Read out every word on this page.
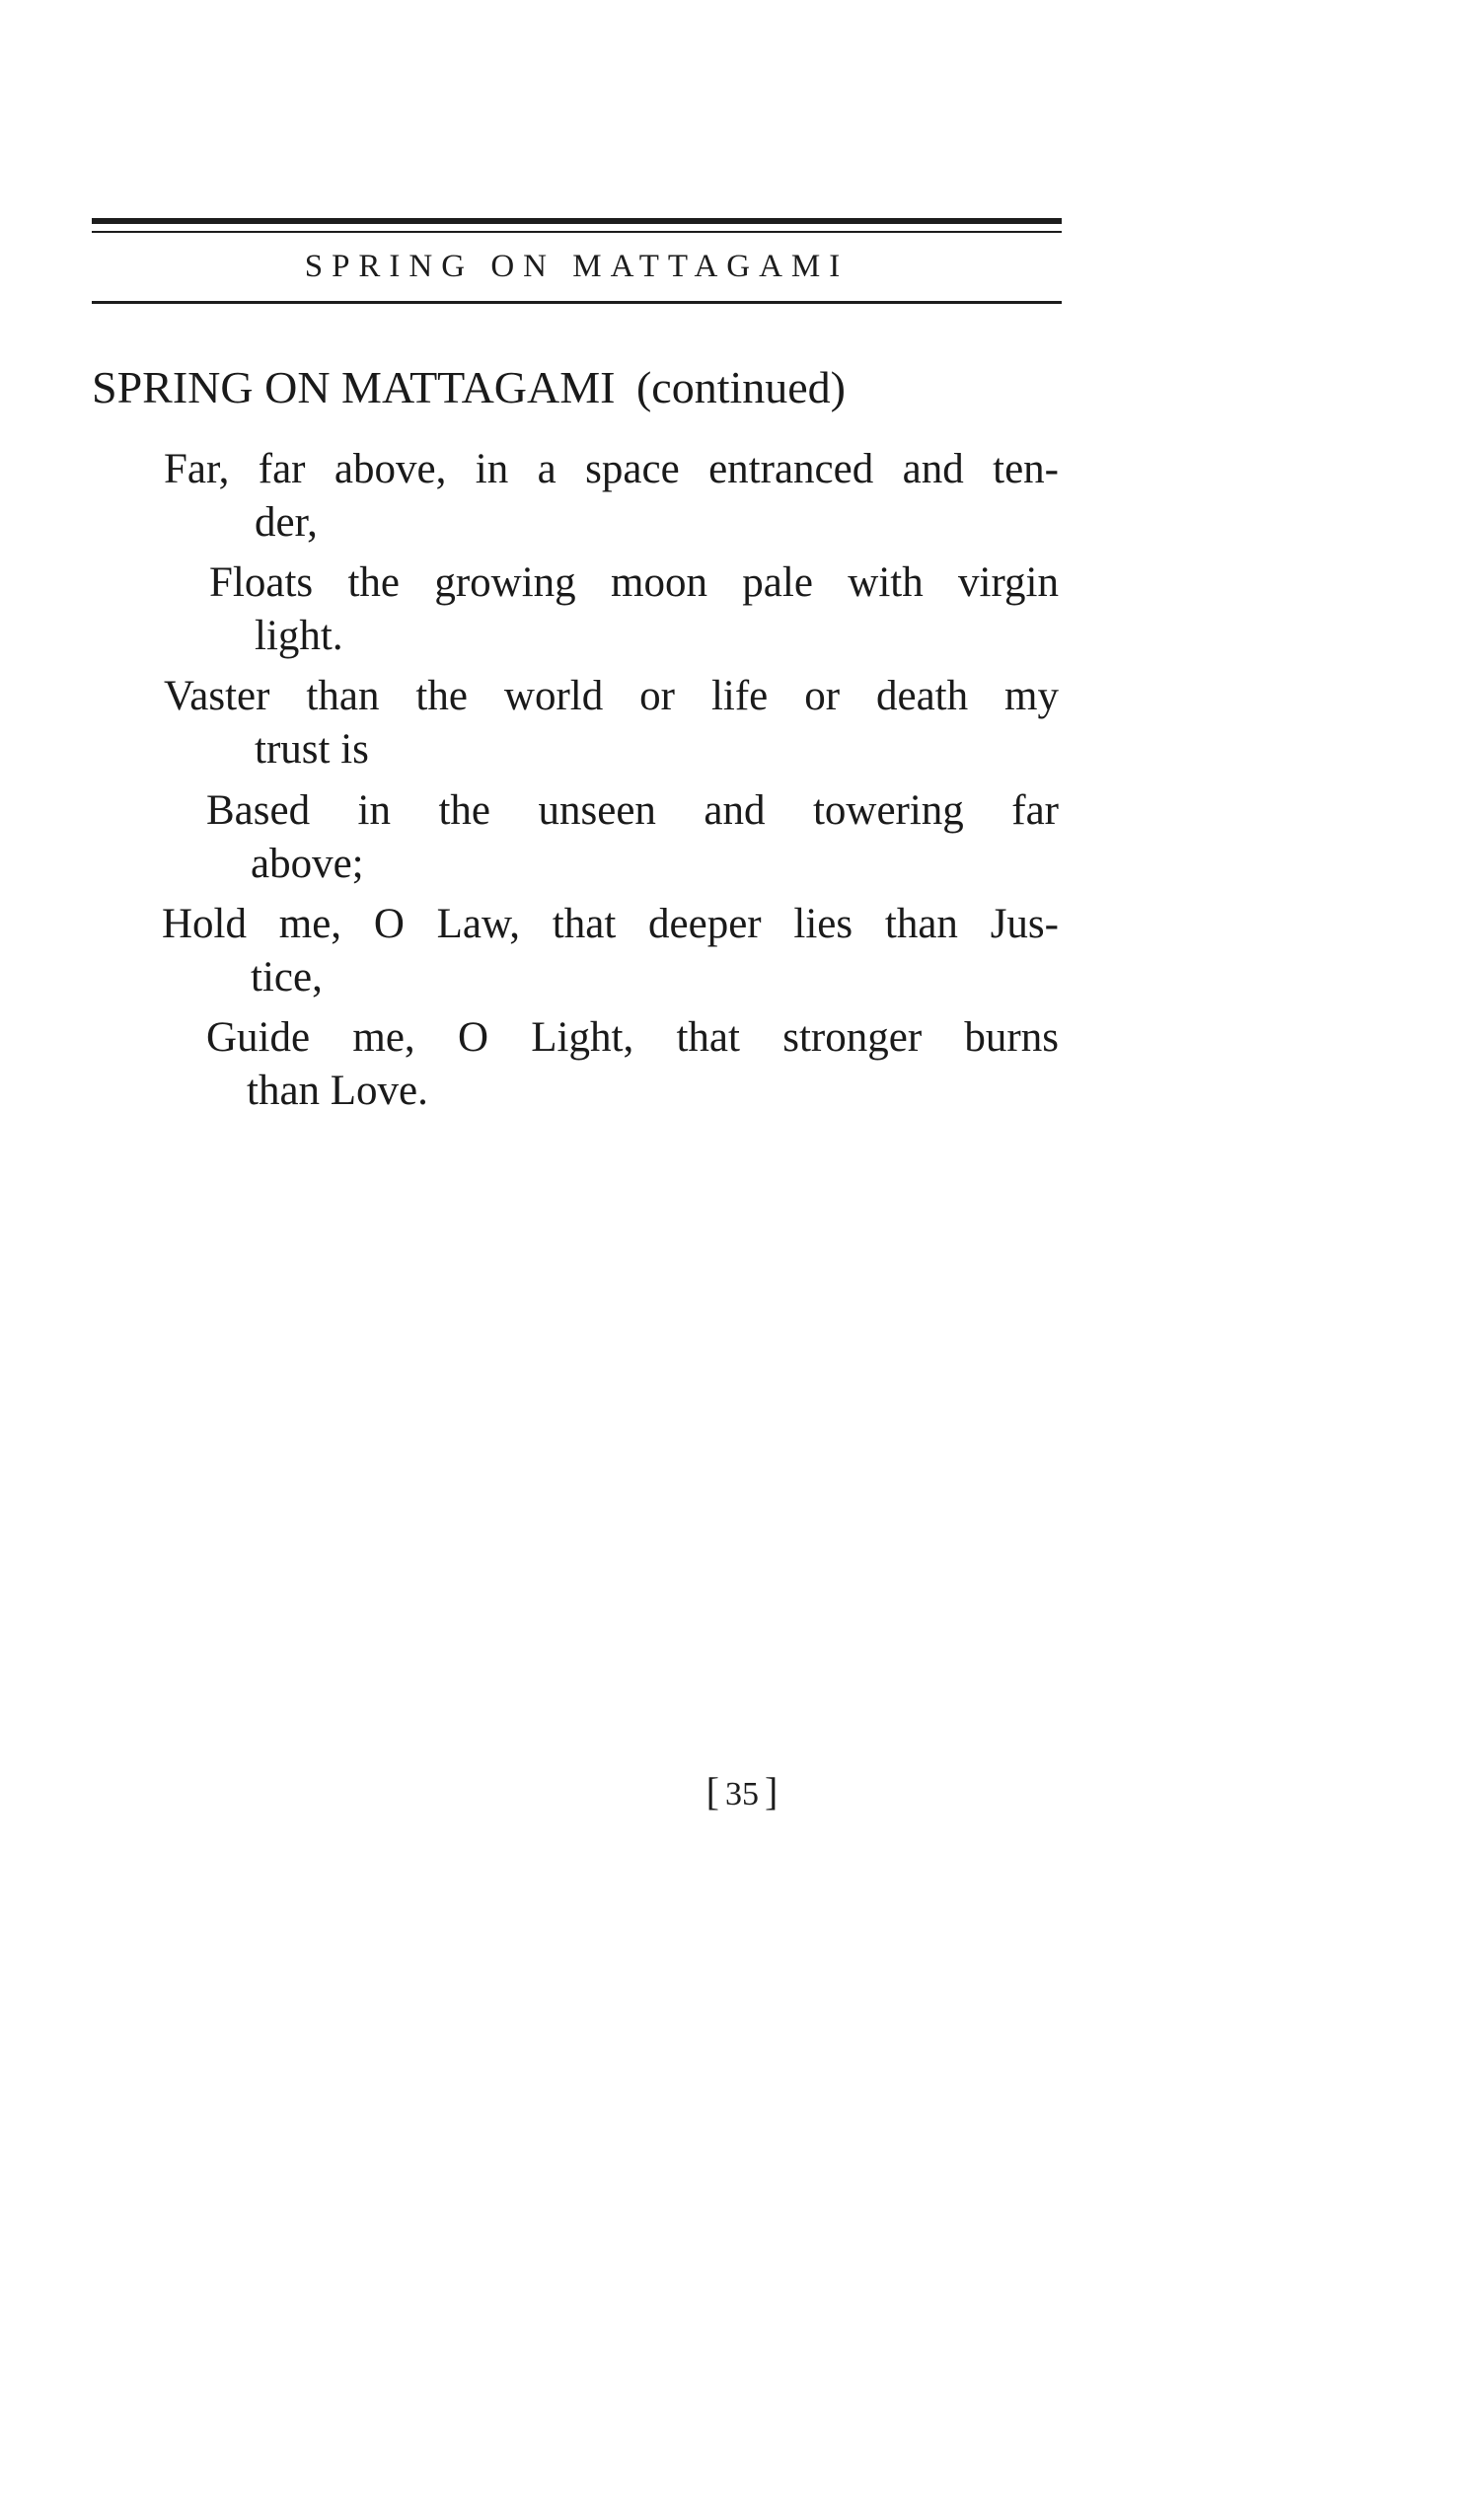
SPRING ON MATTAGAMI
SPRING ON MATTAGAMI (continued)
Far, far above, in a space entranced and ten-
der,
Floats the growing moon pale with virgin
light.
Vaster than the world or life or death my
trust is
Based in the unseen and towering far
above;
Hold me, O Law, that deeper lies than Jus-
tice,
Guide me, O Light, that stronger burns
than Love.
[ 35 ]
